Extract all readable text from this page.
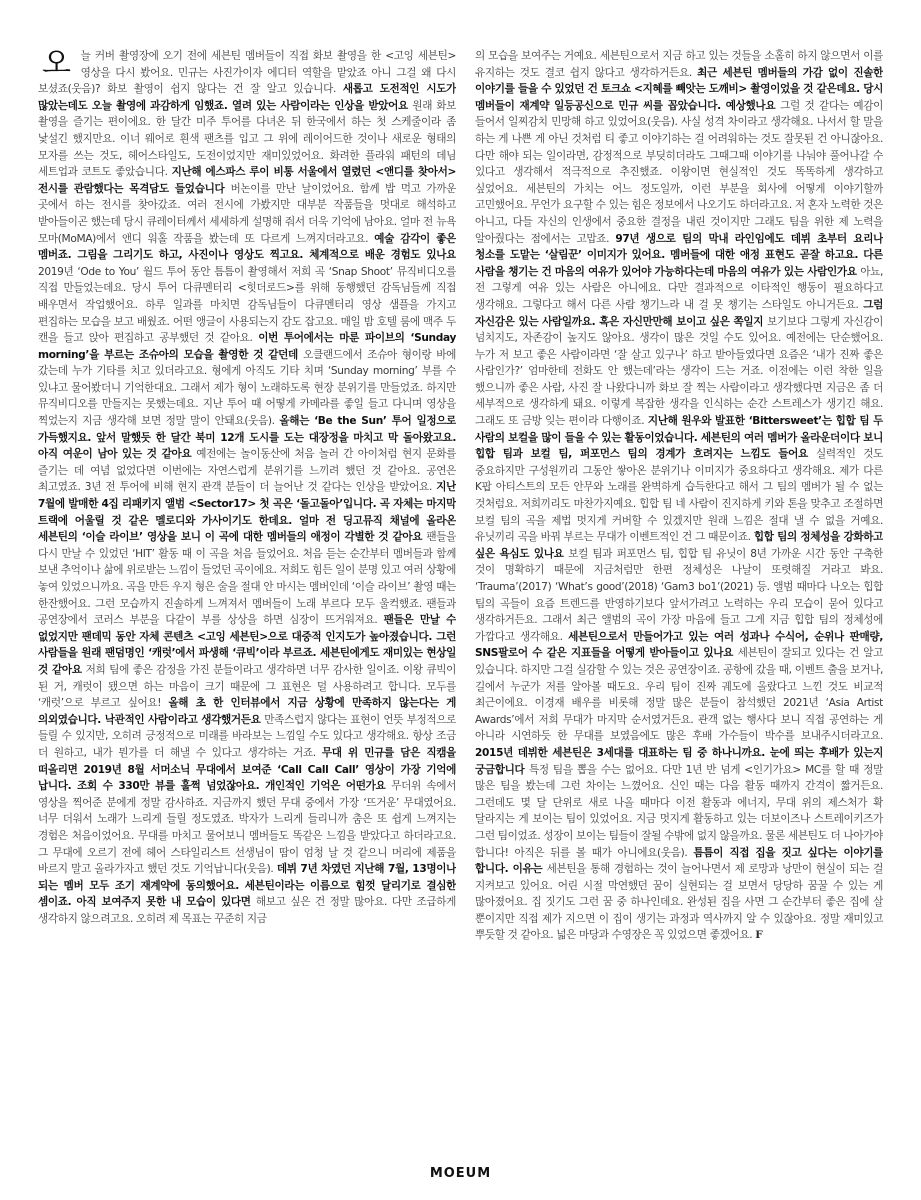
오 늘 커버 촬영장에 오기 전에 세븐틴 멤버들이 직접 화보 촬영을 한 <고잉 세븐틴> 영상을 다시 봤어요. 민규는 사진가이자 에디터 역할을 맡았죠 아니 그걸 왜 다시 보셨죠(웃음)? 화보 촬영이 쉽지 않다는 건 잘 알고 있습니다. 새롭고 도전적인 시도가 많았는데도 오늘 촬영에 과감하게 임했죠. 열려 있는 사람이라는 인상을 받았어요 원래 화보 촬영을 즐기는 편이에요. 한 달간 미주 투어를 다녀온 뒤 한국에서 하는 첫 스케줄이라 좀 낯설긴 했지만요. 이너 웨어로 흰색 팬츠를 입고 그 위에 레이어드한 것이나 새로운 형태의 모자를 쓰는 것도, 헤어스타일도, 도전이었지만 재미있었어요. 화려한 플라워 패턴의 데님 세트업과 코트도 좋았습니다. 지난해 에스파스 루이 비통 서울에서 열렸던 <앤디를 찾아서> 전시를 관람했다는 목격담도 들었습니다 버논이를 만난 날이었어요. 함께 밥 먹고 가까운 곳에서 하는 전시를 찾아갔죠. 여러 전시에 가봤지만 대부분 작품들을 멋대로 해석하고 받아들이곤 했는데 당시 큐레이터께서 세세하게 설명해 줘서 더욱 기억에 남아요. 얼마 전 뉴욕 모마(MoMA)에서 앤디 워홀 작품을 봤는데 또 다르게 느껴지더라고요. 예술 감각이 좋은 멤버죠. 그림을 그리기도 하고, 사진이나 영상도 찍고요. 체계적으로 배운 경험도 있나요 2019년 ‘Ode to You’ 월드 투어 동안 틈틈이 촬영해서 저희 곡 ‘Snap Shoot’ 뮤직비디오를 직접 만들었는데요. 당시 투어 다큐멘터리 <힛더로드>를 위해 동행했던 감독님들께 직접 배우면서 작업했어요. 하루 일과를 마치면 감독님들이 다큐멘터리 영상 샘플을 가지고 편집하는 모습을 보고 배웠죠. 어떤 앵글이 사용되는지 감도 잡고요. 매일 밤 호텔 룸에 맥주 두 캔을 들고 앉아 편집하고 공부했던 것 같아요. 이번 투어에서는 마룬 파이브의 ‘Sunday morning’을 부르는 조슈아의 모습을 촬영한 것 같던데 오클랜드에서 조슈아 형이랑 바에 갔는데 누가 기타를 치고 있더라고요. 형에게 아직도 기타 치며 ‘Sunday morning’ 부를 수 있냐고 물어봤더니 기억한대요. 그래서 제가 형이 노래하도록 현장 분위기를 만들었죠. 하지만 뮤직비디오를 만들지는 못했는데요. 지난 투어 때 어떻게 카메라를 좋일 들고 다니며 영상을 찍었는지 지금 생각해 보면 정말 말이 안돼요(웃음). 올해는 ‘Be the Sun’ 투어 일정으로 가득했지요. 앞서 말했듯 한 달간 북미 12개 도시를 도는 대장정을 마치고 막 돌아왔고요. 아직 여운이 남아 있는 것 같아요 예전에는 놀이동산에 처음 놀러 간 아이처럼 현지 문화를 즐기는 데 여념 없었다면 이번에는 자연스럽게 분위기를 느끼려 했던 것 같아요. 공연은 최고였죠. 3년 전 투어에 비해 현지 관객 분들이 더 늘어난 것 같다는 인상을 받았어요. 지난 7월에 발매한 4집 리패키지 앨범 <Sector17> 첫 곡은 ‘돌고돌아’입니다. 곡 자체는 마지막 트랙에 어울릴 것 같은 멜로디와 가사이기도 한데요. 얼마 전 딩고뮤직 채널에 올라온 세븐틴의 ‘이슬 라이브’ 영상을 보니 이 곡에 대한 멤버들의 애정이 각별한 것 같아요 팬들을 다시 만날 수 있었던 ‘HIT’ 활동 때 이 곡을 처음 들었어요. 처음 듣는 순간부터 멤버들과 함께 보낸 추억이나 삶에 위로받는 느낌이 들었던 곡이에요. 저희도 힘든 일이 분명 있고 여러 상황에 놓여 있었으니까요. 곡을 만든 우지 형은 술을 절대 안 마시는 멤버인데 ‘이슬 라이브’ 촬영 때는 한잔했어요. 그런 모습까지 진솔하게 느껴져서 멤버들이 노래 부르다 모두 울컥했죠. 팬들과 공연장에서 코러스 부분을 다같이 부를 상상을 하면 심장이 뜨거워져요. 팬들은 만날 수 없었지만 팬데믹 동안 자체 콘텐츠 <고잉 세븐틴>으로 대중적 인지도가 높아졌습니다. 그런 사람들을 원래 팬덤명인 ‘캐럿’에서 파생해 ‘큐빅’이라 부르죠. 세븐틴에게도 재미있는 현상일 것 같아요 저희 팀에 좋은 감정을 가진 분들이라고 생각하면 너무 감사한 일이죠. 이왕 큐빅이 된 거, 캐럿이 됐으면 하는 마음이 크기 때문에 그 표현은 덜 사용하려고 합니다. 모두를 ‘캐럿’으로 부르고 싶어요! 올해 초 한 인터뷰에서 지금 상황에 만족하지 않는다는 게 의외였습니다. 낙관적인 사람이라고 생각했거든요 만족스럽지 않다는 표현이 언뜻 부정적으로 들릴 수 있지만, 오히려 긍정적으로 미래를 바라보는 느낌일 수도 있다고 생각해요. 항상 조금 더 원하고, 내가 뭔가를 더 해낼 수 있다고 생각하는 거죠. 무대 위 민규를 담은 직캠을 떠올리면 2019년 8월 서머소닉 무대에서 보여준 ‘Call Call Call’ 영상이 가장 기억에 납니다. 조회 수 330만 뷰를 훌쩍 넘었잖아요. 개인적인 기억은 어떤가요 무더위 속에서 영상을 찍어준 분에게 정말 감사하죠. 지금까지 했던 무대 중에서 가장 ‘뜨거운’ 무대였어요. 너무 더워서 노래가 느리게 들릴 정도였죠. 박자가 느리게 들리니까 춤은 또 쉽게 느껴지는 경험은 처음이었어요. 무대를 마치고 물어보니 멤버들도 똑같은 느낌을 받았다고 하더라고요. 그 무대에 오르기 전에 헤어 스타일리스트 선생님이 땀이 엄청 날 것 같으니 머리에 제품을 바르지 말고 올라가자고 했던 것도 기억납니다(웃음). 데뷔 7년 차였던 지난해 7월, 13명이나 되는 멤버 모두 조기 재계약에 동의했어요. 세븐틴이라는 이름으로 힘껏 달리기로 결심한 셈이죠. 아직 보여주지 못한 내 모습이 있다면 해보고 싶은 건 정말 많아요. 다만 조급하게 생각하지 않으려고요. 오히려 제 목표는 꾸준히 지금
의 모습을 보여주는 거예요. 세븐틴으로서 지금 하고 있는 것들을 소홀히 하지 않으면서 이를 유지하는 것도 결코 쉽지 않다고 생각하거든요. 최근 세븐틴 멤버들의 가감 없이 진솔한 이야기를 들을 수 있었던 건 토크쇼 <지혜를 빼앗는 도깨비> 촬영이었을 것 같은데요. 당시 멤버들이 재계약 일등공신으로 민규 씨를 꼽았습니다. 예상했나요 그럴 것 같다는 예감이 들어서 일찌감치 민망해 하고 있었어요(웃음). 사실 성격 차이라고 생각해요. 나서서 할 말을 하는 게 나쁜 게 아닌 것처럼 티 좋고 이야기하는 걸 어려워하는 것도 잘못된 건 아니잖아요. 다만 해야 되는 일이라면, 감정적으로 부딪히더라도 그때그때 이야기를 나눠야 풀어나갈 수 있다고 생각해서 적극적으로 추진했죠. 이왕이면 현실적인 것도 똑똑하게 생각하고 싶었어요. 세븐틴의 가치는 어느 정도일까, 이런 부분을 회사에 어떻게 이야기할까 고민했어요. 무언가 요구할 수 있는 힘은 정보에서 나오기도 하더라고요. 저 혼자 노력한 것은 아니고, 다들 자신의 인생에서 중요한 결정을 내린 것이지만 그래도 팀을 위한 제 노력을 알아줬다는 점에서는 고맙죠. 97년 생으로 팀의 막내 라인임에도 데뷔 초부터 요리나 청소를 도맡는 ‘살림꾼’ 이미지가 있어요. 멤버들에 대한 애정 표현도 곧잘 하고요. 다른 사람을 챙기는 건 마음의 여유가 있어야 가능하다는데 마음의 여유가 있는 사람인가요 아뇨, 전 그렇게 여유 있는 사람은 아니에요. 다만 결과적으로 이타적인 행동이 필요하다고 생각해요. 그렇다고 해서 다른 사람 챙기느라 내 걸 못 챙기는 스타일도 아니거든요. 그럼 자신감은 있는 사람일까요. 혹은 자신만만해 보이고 싶은 쪽일지 보기보다 그렇게 자신감이 넘치지도, 자존감이 높지도 않아요. 생각이 많은 것일 수도 있어요. 예전에는 단순했어요. 누가 저 보고 좋은 사람이라면 ‘잘 살고 있구나’ 하고 받아들였다면 요즘은 ‘내가 진짜 좋은 사람인가?’ 엄마한테 전화도 안 했는데’라는 생각이 드는 거죠. 이전에는 이런 착한 일을 했으니까 좋은 사람, 사진 잘 나왔다니까 화보 잘 찍는 사람이라고 생각했다면 지금은 좀 더 세부적으로 생각하게 돼요. 이렇게 복잡한 생각을 인식하는 순간 스트레스가 생기긴 해요. 그래도 또 금방 잊는 편이라 다행이죠. 지난해 원우와 발표한 ‘Bittersweet’는 힙합 팀 두 사람의 보컬을 많이 들을 수 있는 활동이었습니다. 세븐틴의 여러 멤버가 올라운더이다 보니 힙합 팀과 보컬 팀, 퍼포먼스 팀의 경계가 흐려지는 느낌도 들어요 실력적인 것도 중요하지만 구성원끼리 그동안 쌓아온 분위기나 이미지가 중요하다고 생각해요. 제가 다른 K팝 아티스트의 모든 안무와 노래를 완벽하게 습득한다고 해서 그 팀의 멤버가 될 수 없는 것처럼요. 저희끼리도 마찬가지예요. 힙합 팀 네 사람이 진지하게 키와 톤을 맞추고 조절하면 보컬 팀의 곡을 제법 멋지게 커버할 수 있겠지만 원래 느낌은 절대 낼 수 없을 거예요. 유닛끼리 곡을 바꿔 부르는 무대가 이벤트적인 건 그 때문이죠. 힙합 팀의 정체성을 강화하고 싶은 욕심도 있나요 보컬 팀과 퍼포먼스 팀, 힙합 팀 유닛이 8년 가까운 시간 동안 구축한 것이 명확하기 때문에 지금처럼만 한편 정체성은 나날이 또렷해질 거라고 봐요. ‘Trauma’(2017) ‘What’s good’(2018) ‘Gam3 bo1’(2021) 등. 앨범 때마다 나오는 힙합 팀의 곡들이 요즘 트렌드를 반영하기보다 앞서가려고 노력하는 우리 모습이 묻어 있다고 생각하거든요. 그래서 최근 앨범의 곡이 가장 마음에 들고 그게 지금 힙합 팀의 정체성에 가깝다고 생각해요. 세븐틴으로서 만들어가고 있는 여러 성과나 수식어, 순위나 판매량, SNS팔로어 수 같은 지표들을 어떻게 받아들이고 있나요 세븐틴이 잘되고 있다는 건 알고 있습니다. 하지만 그걸 실감할 수 있는 것은 공연장이죠. 공항에 갔을 때, 이벤트 출을 보거나, 길에서 누군가 저를 알아볼 때도요. 우리 팀이 진짜 궤도에 올랐다고 느낀 것도 비교적 최근이에요. 이경재 배우를 비롯해 정말 많은 분들이 참석했던 2021년 ‘Asia Artist Awards’에서 저희 무대가 마지막 순서였거든요. 관객 없는 행사다 보니 직접 공연하는 게 아니라 시연하듯 한 무대를 보였음에도 많은 후배 가수들이 박수를 보내주시더라고요. 2015년 데뷔한 세븐틴은 3세대를 대표하는 팀 중 하나니까요. 눈에 띄는 후배가 있는지 궁금합니다 특정 팀을 뽑을 수는 없어요. 다만 1년 반 넘게 <인기가요> MC를 할 때 정말 많은 팀을 봤는데 그런 차이는 느꼈어요. 신인 때는 다음 활동 때까지 간격이 짧거든요. 그런데도 몇 달 단위로 새로 나올 때마다 이전 활동과 에너지, 무대 위의 제스처가 확 달라지는 게 보이는 팀이 있었어요. 지금 멋지게 활동하고 있는 더보이즈나 스트레이키즈가 그런 팀이었죠. 성장이 보이는 팀들이 잘될 수밖에 없지 않을까요. 물론 세븐틴도 더 나아가야 합니다! 아직은 뒤를 볼 때가 아니에요(웃음). 틈틈이 직접 집을 짓고 싶다는 이야기를 합니다. 이유는 세븐틴을 통해 경험하는 것이 늘어나면서 제 로망과 낭만이 현실이 되는 걸 지켜보고 있어요. 어린 시절 막연했던 꿈이 실현되는 걸 보면서 당당하 꿈꿀 수 있는 게 많아졌어요. 집 짓기도 그런 꿈 중 하나인데요. 완성된 집을 사면 그 순간부터 좋은 집에 살 뿐이지만 직접 제가 지으면 이 집이 생기는 과정과 역사까지 알 수 있잖아요. 정말 재미있고 뿌듯할 것 같아요. 넓은 마당과 수영장은 꼭 있었으면 좋겠어요. F
MOEUM
